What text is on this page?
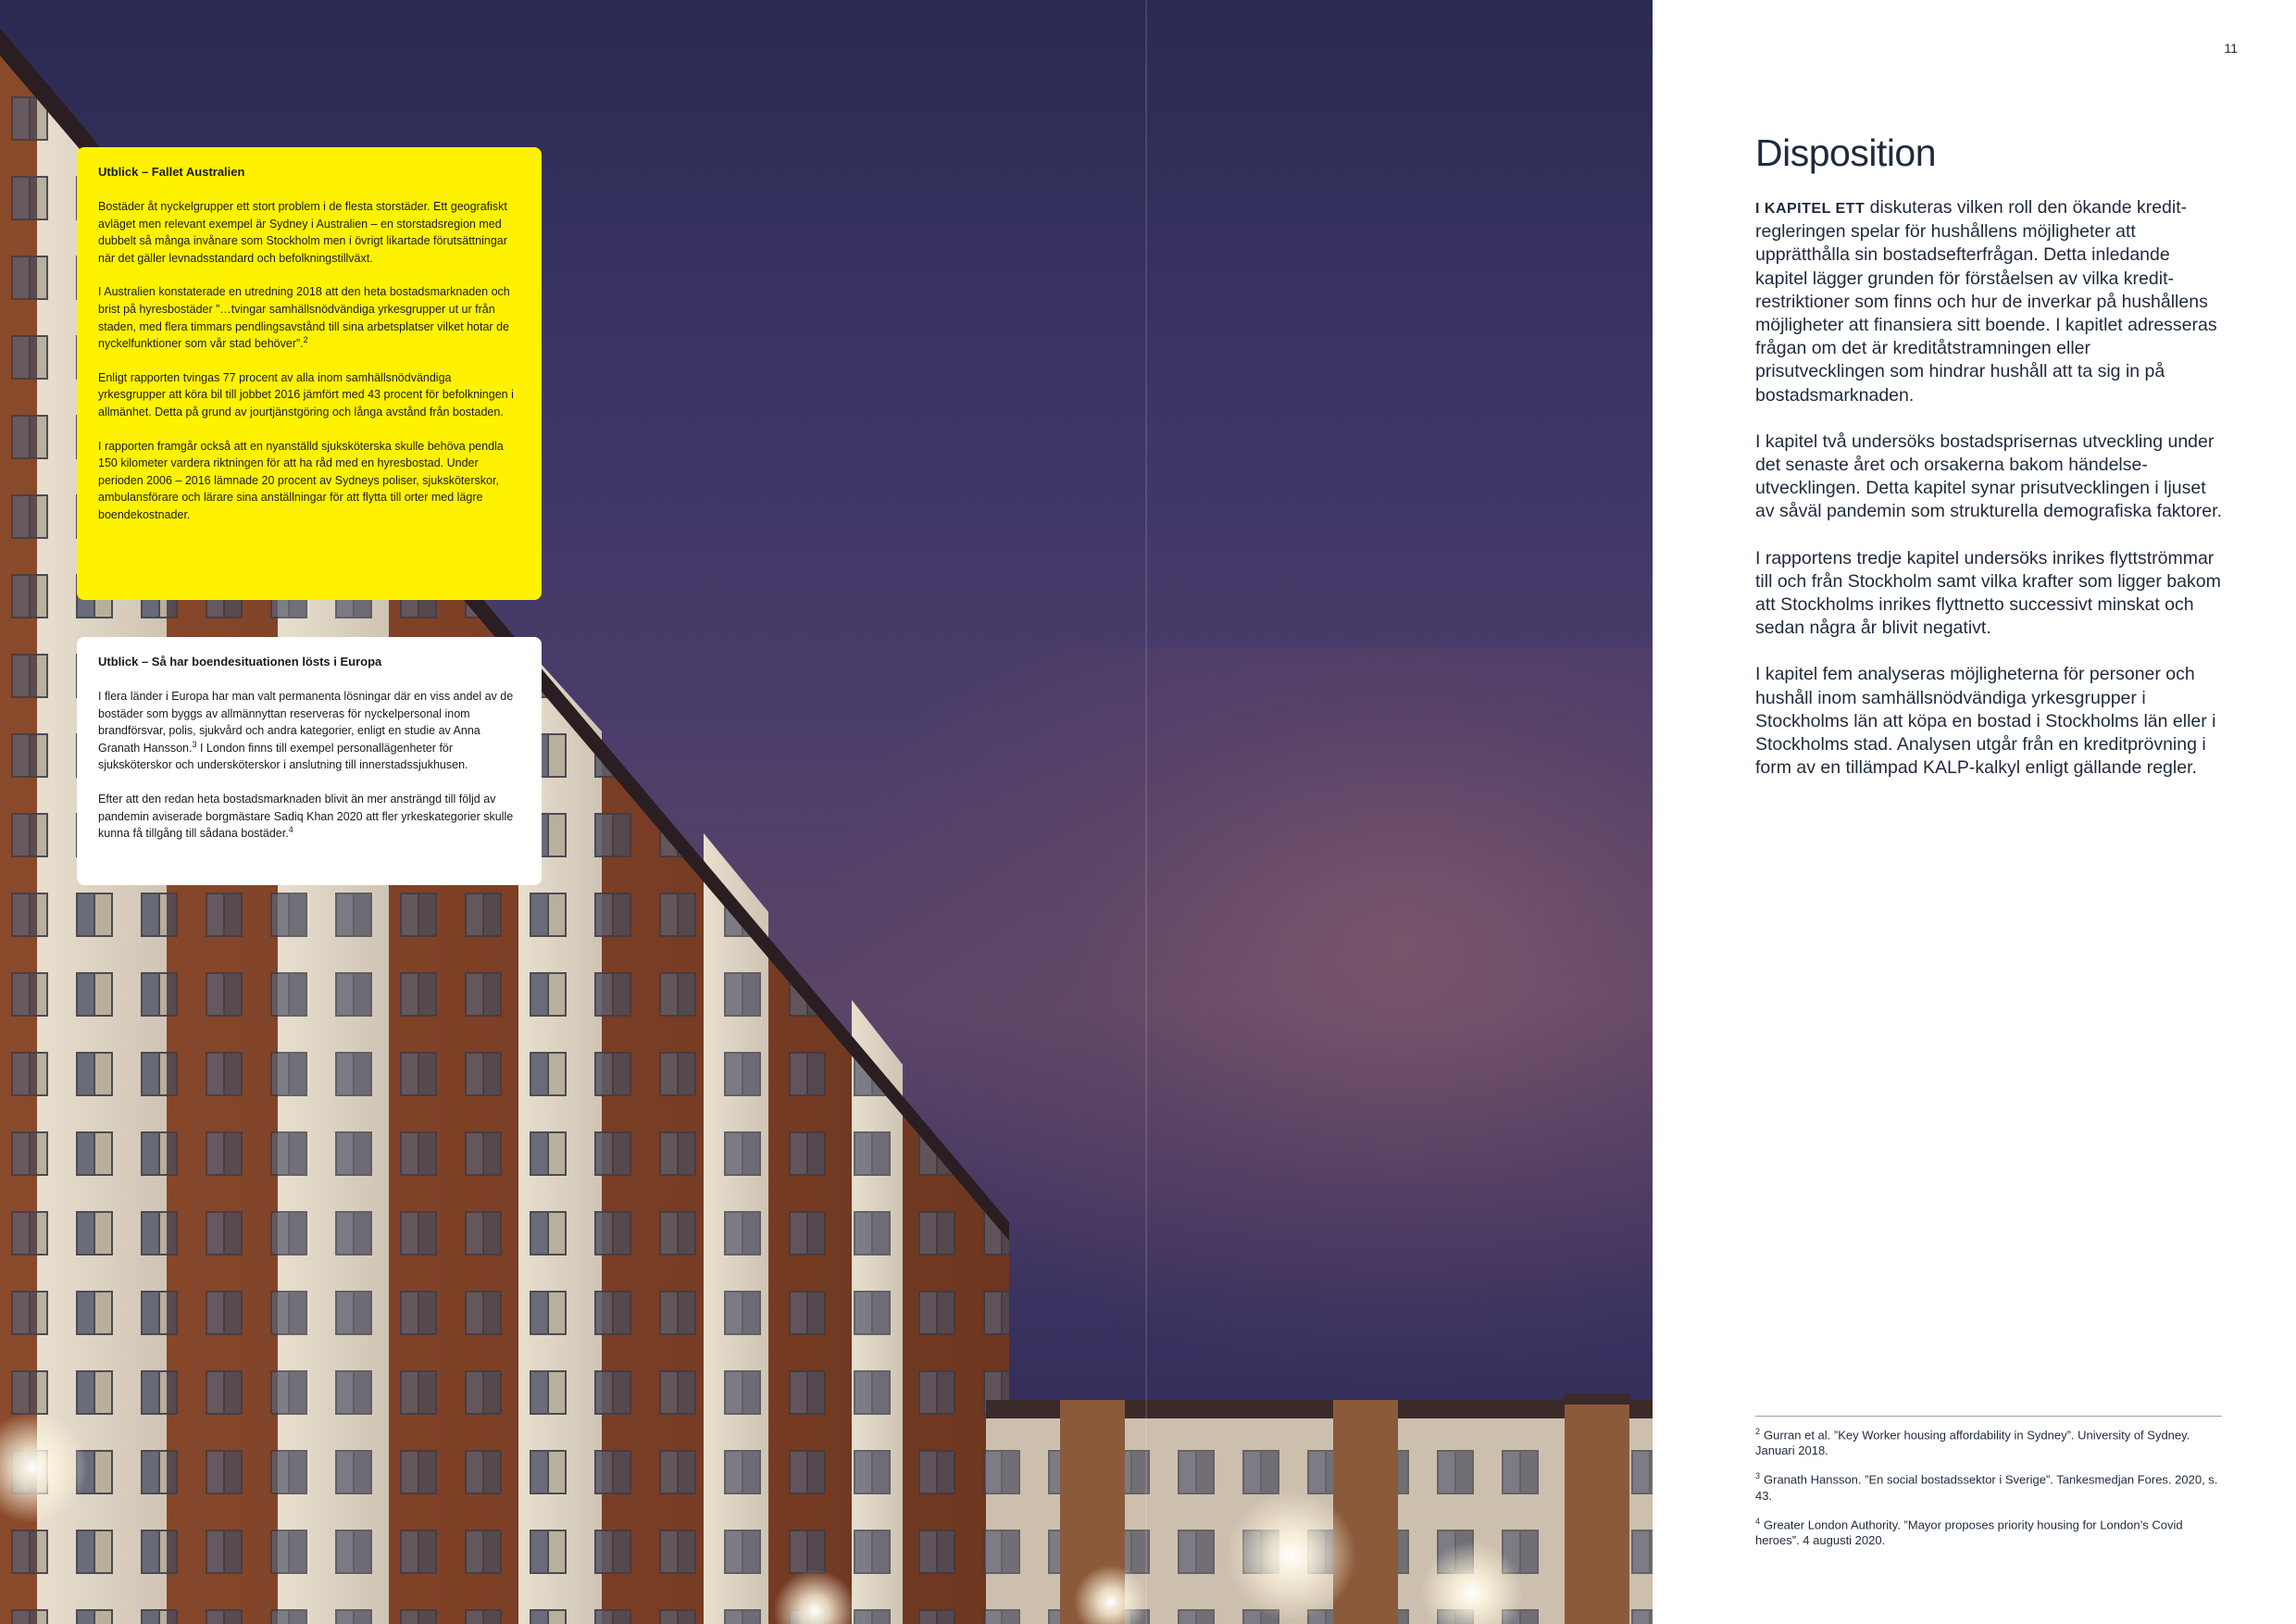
Utblick – Fallet Australien

Bostäder åt nyckelgrupper ett stort problem i de flesta storstäder. Ett geografiskt avläget men relevant exempel är Sydney i Australien – en storstadsregion med dubbelt så många invånare som Stockholm men i övrigt likartade förutsättningar när det gäller levnadsstandard och befolkningstillväxt.

I Australien konstaterade en utredning 2018 att den heta bostadsmarknaden och brist på hyresbostäder ”…tvingar samhällsnödvändiga yrkesgrupper ut ur från staden, med flera timmars pendlingsavstånd till sina arbetsplatser vilket hotar de nyckelfunktioner som vår stad behöver”.$^2$

Enligt rapporten tvingas 77 procent av alla inom samhällsnödvändiga yrkesgrupper att köra bil till jobbet 2016 jämfört med 43 procent för befolkningen i allmänhet. Detta på grund av jourtjänstgöring och långa avstånd från bostaden.

I rapporten framgår också att en nyanställd sjuksköterska skulle behöva pendla 150 kilometer vardera riktningen för att ha råd med en hyresbostad. Under perioden 2006 – 2016 lämnade 20 procent av Sydneys poliser, sjuksköterskor, ambulansförare och lärare sina anställningar för att flytta till orter med lägre boendekostnader.

Utblick – Så har boendesituationen lösts i Europa

I flera länder i Europa har man valt permanenta lösningar där en viss andel av de bostäder som byggs av allmännyttan reserveras för nyckelpersonal inom brandförsvar, polis, sjukvård och andra kategorier, enligt en studie av Anna Granath Hansson.$^3$ I London finns till exempel personallägenheter för sjuksköterskor och undersköterskor i anslutning till innerstadssjukhusen.

Efter att den redan heta bostadsmarknaden blivit än mer ansträngd till följd av pandemin aviserade borgmästare Sadiq Khan 2020 att fler yrkeskategorier skulle kunna få tillgång till sådana bostäder.$^4$

11
Disposition

I KAPITEL ETT diskuteras vilken roll den ökande kreditregleringen spelar för hushållens möjligheter att upprätthålla sin bostadsefterfrågan. Detta inledande kapitel lägger grunden för förståelsen av vilka kreditrestriktioner som finns och hur de inverkar på hushållens möjligheter att finansiera sitt boende. I kapitlet adresseras frågan om det är kreditåtstramningen eller prisutvecklingen som hindrar hushåll att ta sig in på bostadsmarknaden.

I kapitel två undersöks bostadsprisernas utveckling under det senaste året och orsakerna bakom händelseutvecklingen. Detta kapitel synar prisutvecklingen i ljuset av såväl pandemin som strukturella demografiska faktorer.

I rapportens tredje kapitel undersöks inrikes flyttströmmar till och från Stockholm samt vilka krafter som ligger bakom att Stockholms inrikes flyttnetto successivt minskat och sedan några år blivit negativt.

I kapitel fem analyseras möjligheterna för personer och hushåll inom samhällsnödvändiga yrkesgrupper i Stockholms län att köpa en bostad i Stockholms län eller i Stockholms stad. Analysen utgår från en kreditprövning i form av en tillämpad KALP-kalkyl enligt gällande regler.

$^2$ Gurran et al. ”Key Worker housing affordability in Sydney”. University of Sydney. Januari 2018.

$^3$ Granath Hansson. ”En social bostadssektor i Sverige”. Tankesmedjan Fores. 2020, s. 43.

$^4$ Greater London Authority. ”Mayor proposes priority housing for London’s Covid heroes”. 4 augusti 2020.
